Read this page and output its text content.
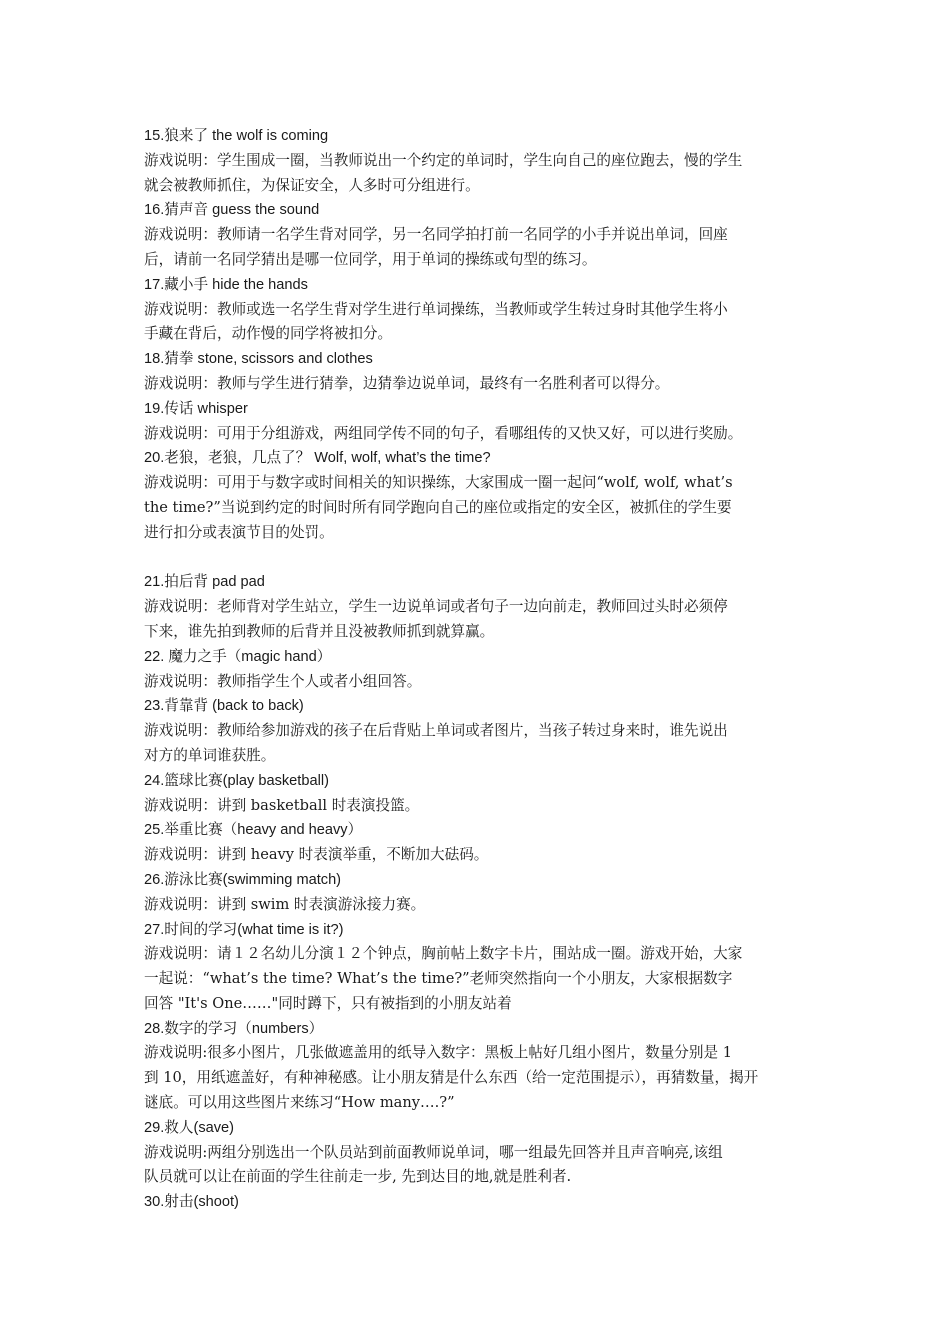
15.狼来了 the wolf is coming
游戏说明：学生围成一圈，当教师说出一个约定的单词时，学生向自己的座位跑去，慢的学生
就会被教师抓住，为保证安全，人多时可分组进行。
16.猜声音 guess the sound
游戏说明：教师请一名学生背对同学，另一名同学拍打前一名同学的小手并说出单词，回座
后，请前一名同学猜出是哪一位同学，用于单词的操练或句型的练习。
17.藏小手 hide the hands
游戏说明：教师或选一名学生背对学生进行单词操练，当教师或学生转过身时其他学生将小
手藏在背后，动作慢的同学将被扣分。
18.猜拳 stone, scissors and clothes
游戏说明：教师与学生进行猜拳，边猜拳边说单词，最终有一名胜利者可以得分。
19.传话 whisper
游戏说明：可用于分组游戏，两组同学传不同的句子，看哪组传的又快又好，可以进行奖励。
20.老狼，老狼，几点了？ Wolf, wolf, what’s the time?
游戏说明：可用于与数字或时间相关的知识操练，大家围成一圈一起问“wolf, wolf, what’s
the time?”当说到约定的时间时所有同学跑向自己的座位或指定的安全区，被抓住的学生要
进行扣分或表演节目的处罚。
21.拍后背 pad pad
游戏说明：老师背对学生站立，学生一边说单词或者句子一边向前走，教师回过头时必须停
下来，谁先拍到教师的后背并且没被教师抓到就算赢。
22. 魔力之手（magic hand）
游戏说明：教师指学生个人或者小组回答。
23.背靠背 (back to back)
游戏说明：教师给参加游戏的孩子在后背贴上单词或者图片，当孩子转过身来时，谁先说出
对方的单词谁获胜。
24.篮球比赛(play basketball)
游戏说明：讲到 basketball 时表演投篮。
25.举重比赛（heavy and heavy）
游戏说明：讲到 heavy 时表演举重，不断加大砝码。
26.游泳比赛(swimming match)
游戏说明：讲到 swim 时表演游泳接力赛。
27.时间的学习(what time is it?)
游戏说明：请１２名幼儿分演１２个钟点，胸前帖上数字卡片，围站成一圈。游戏开始，大家
一起说：“what’s the time? What’s the time?”老师突然指向一个小朋友，大家根据数字
回答 "It's One……"同时蹲下，只有被指到的小朋友站着
28.数字的学习（numbers）
游戏说明:很多小图片，几张做遮盖用的纸导入数字：黑板上帖好几组小图片，数量分别是 1
到 10，用纸遮盖好，有种神秘感。让小朋友猜是什么东西（给一定范围提示），再猜数量，揭开
谜底。可以用这些图片来练习“How many….?”
29.救人(save)
游戏说明:两组分别选出一个队员站到前面教师说单词，哪一组最先回答并且声音响亮,该组
队员就可以让在前面的学生往前走一步, 先到达目的地,就是胜利者.
30.射击(shoot)
